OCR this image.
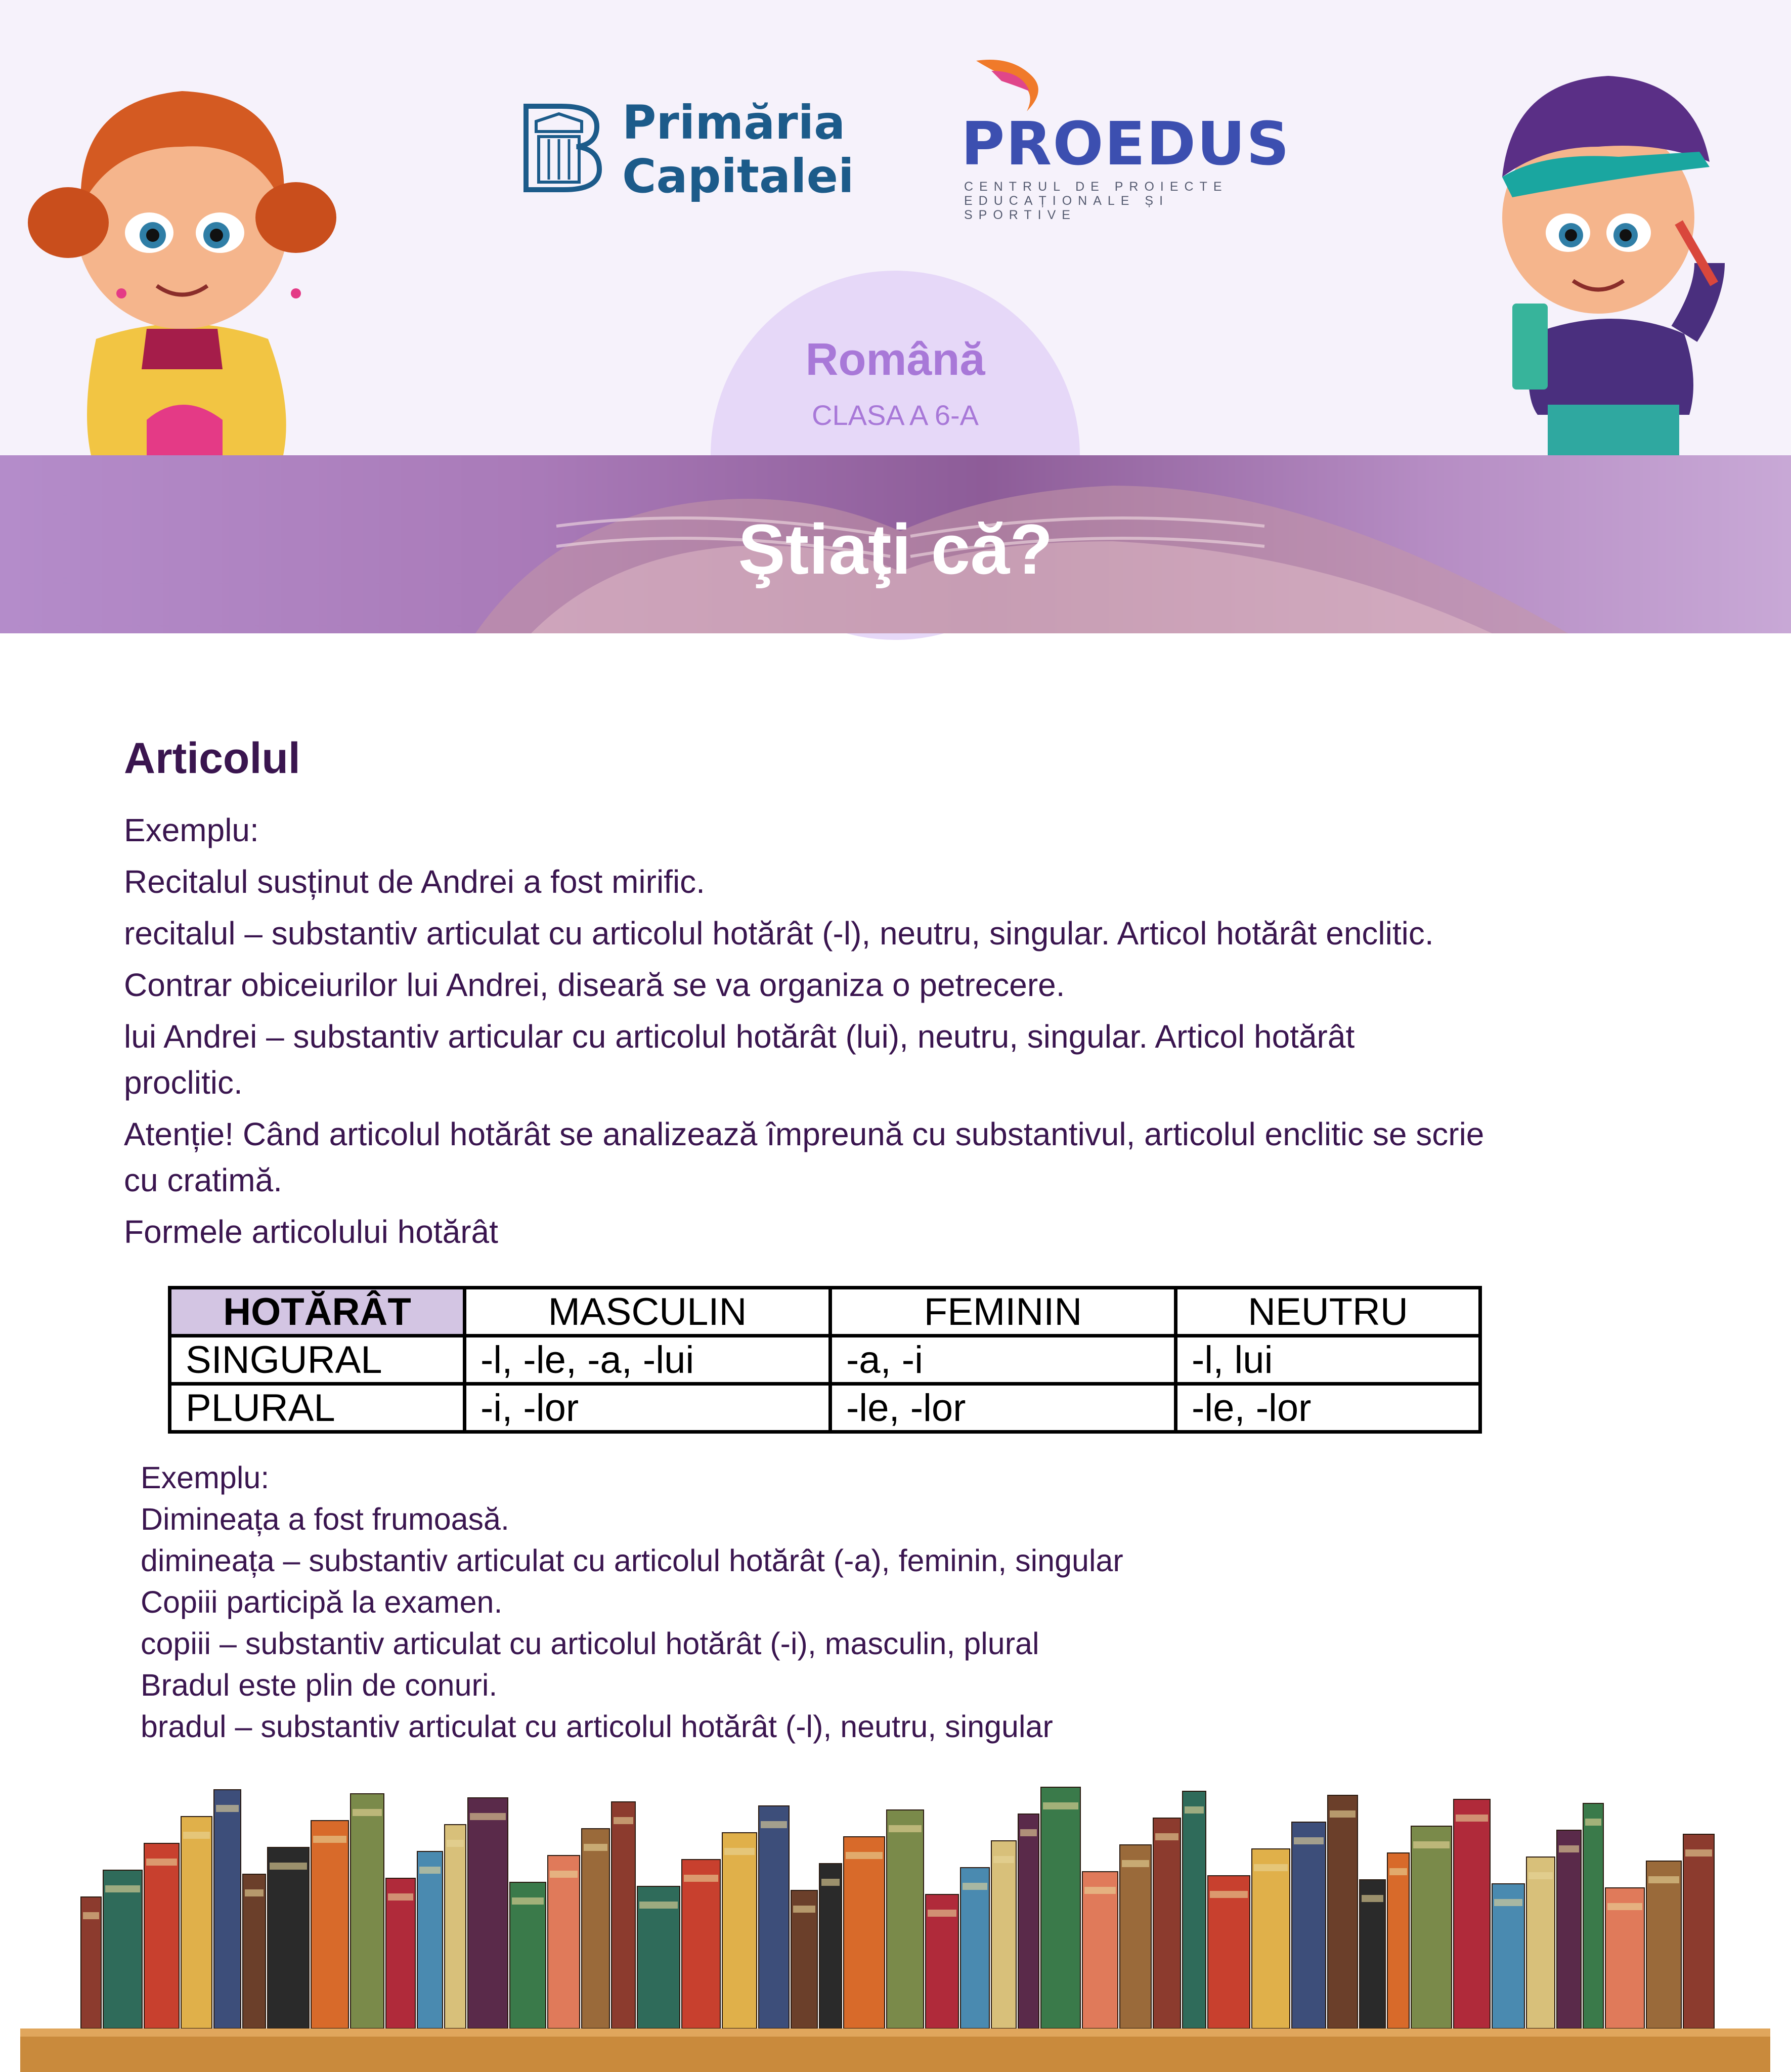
Primăria
Capitalei PROEDUS
CENTRUL DE PROIECTE
EDUCAȚIONALE ȘI SPORTIVE
Română
CLASA A 6-A
Ştiaţi că?
Articolul
Exemplu:
Recitalul susținut de Andrei a fost mirific.
recitalul – substantiv articulat cu articolul hotărât (-l), neutru, singular. Articol hotărât enclitic.
Contrar obiceiurilor lui Andrei, diseară se va organiza o petrecere.
lui Andrei – substantiv articular cu articolul hotărât (lui), neutru, singular. Articol hotărât
proclitic.
Atenție! Când articolul hotărât se analizează împreună cu substantivul, articolul enclitic se scrie
cu cratimă.
Formele articolului hotărât
HOTĂRÂT	MASCULIN	FEMININ	NEUTRU
SINGURAL	-l, -le, -a, -lui	-a, -i	-l, lui
PLURAL	-i, -lor	-le, -lor	-le, -lor
Exemplu:
Dimineața a fost frumoasă.
dimineața – substantiv articulat cu articolul hotărât (-a), feminin, singular
Copiii participă la examen.
copiii – substantiv articulat cu articolul hotărât (-i), masculin, plural
Bradul este plin de conuri.
bradul – substantiv articulat cu articolul hotărât (-l), neutru, singular
